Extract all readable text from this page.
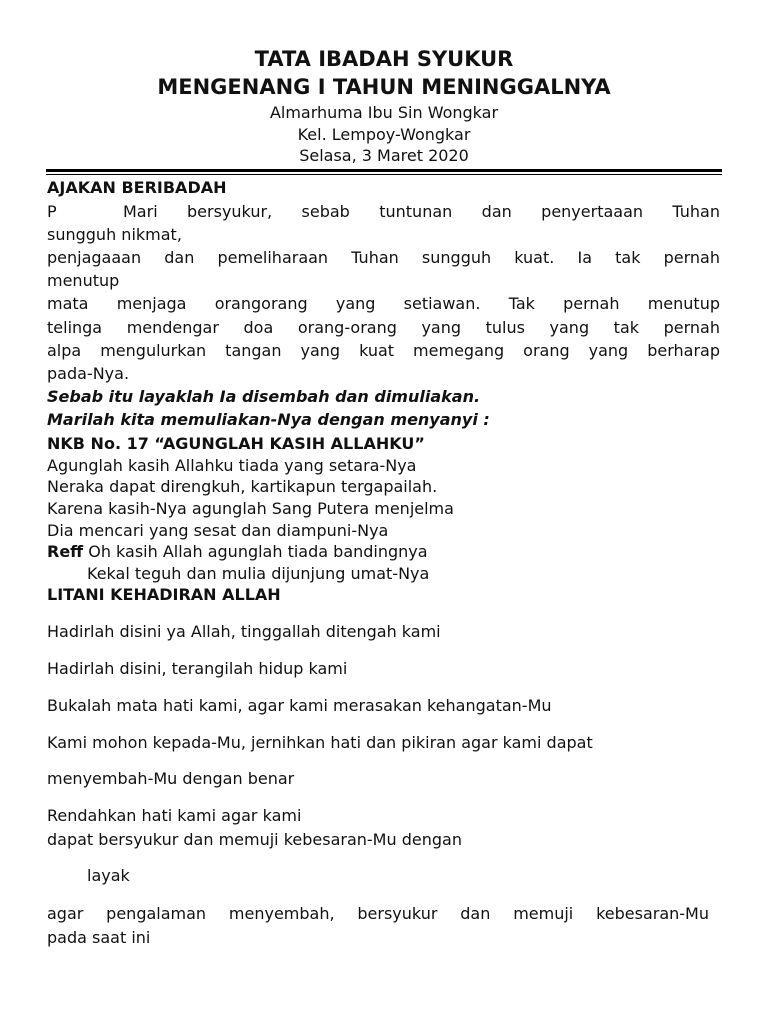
TATA IBADAH SYUKUR
MENGENANG I TAHUN MENINGGALNYA
Almarhuma Ibu Sin Wongkar
Kel. Lempoy-Wongkar
Selasa, 3 Maret 2020
AJAKAN BERIBADAH
P	Mari bersyukur, sebab tuntunan dan penyertaaan Tuhan
sungguh nikmat,
penjagaaan dan pemeliharaan Tuhan sungguh kuat. Ia tak pernah
menutup
mata menjaga orangorang yang setiawan. Tak pernah menutup
telinga mendengar doa orang-orang yang tulus yang tak pernah
alpa mengulurkan tangan yang kuat memegang orang yang berharap
pada-Nya.
Sebab itu layaklah Ia disembah dan dimuliakan.
Marilah kita memuliakan-Nya dengan menyanyi :
NKB No. 17 “AGUNGLAH KASIH ALLAHKU”
Agunglah kasih Allahku tiada yang setara-Nya
Neraka dapat direngkuh, kartikapun tergapailah.
Karena kasih-Nya agunglah Sang Putera menjelma
Dia mencari yang sesat dan diampuni-Nya
Reff Oh kasih Allah agunglah tiada bandingnya
Kekal teguh dan mulia dijunjung umat-Nya
LITANI KEHADIRAN ALLAH
Hadirlah disini ya Allah, tinggallah ditengah kami
Hadirlah disini, terangilah hidup kami
Bukalah mata hati kami, agar kami merasakan kehangatan-Mu
Kami mohon kepada-Mu, jernihkan hati dan pikiran agar kami dapat
menyembah-Mu dengan benar
Rendahkan hati kami agar kami
dapat bersyukur dan memuji kebesaran-Mu dengan
layak
agar pengalaman menyembah, bersyukur dan memuji kebesaran-Mu
pada saat ini
